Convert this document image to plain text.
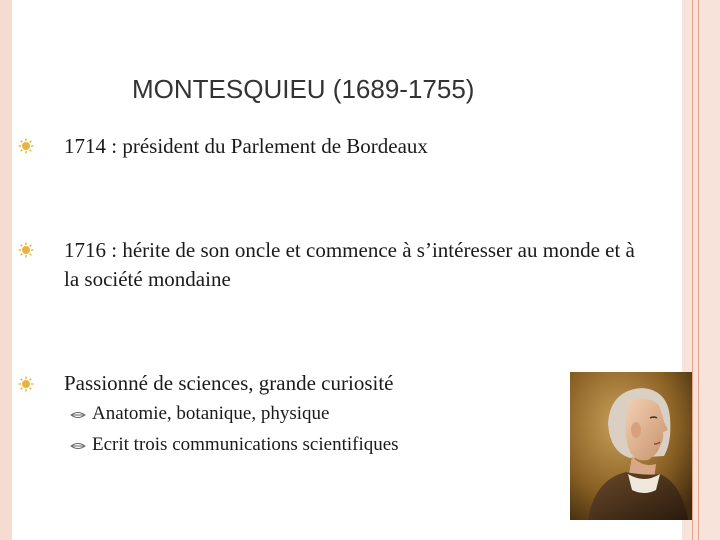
MONTESQUIEU (1689-1755)
1714 : président du Parlement de Bordeaux
1716 : hérite de son oncle et commence à s’intéresser au monde et à la société mondaine
Passionné de sciences, grande curiosité
Anatomie, botanique, physique
Ecrit trois communications scientifiques
